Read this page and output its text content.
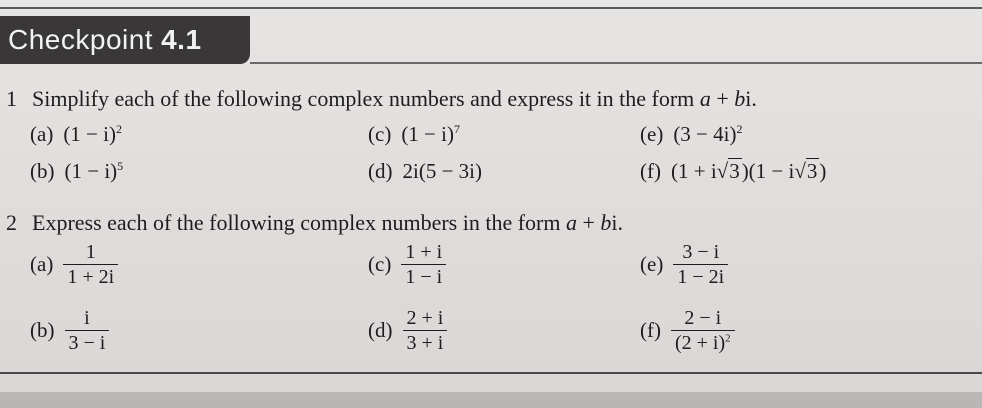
Checkpoint 4.1
1 Simplify each of the following complex numbers and express it in the form a + bi.
(a) $(1 - i)^2$
(b) $(1 - i)^5$
(c) $(1 - i)^7$
(d) 2i(5 − 3i)
(e) $(3 - 4i)^2$
(f) (1 + i√3)(1 − i√3)
2 Express each of the following complex numbers in the form a + bi.
$(a) \frac{1}{1 + 2i}$
$(b) \frac{i}{3 - i}$
$(c) \frac{1 + i}{1 - i}$
$(d) \frac{2 + i}{3 + i}$
$(e) \frac{3 - i}{1 - 2i}$
$(f) \frac{2 - i}{(2 + i)^2}$
